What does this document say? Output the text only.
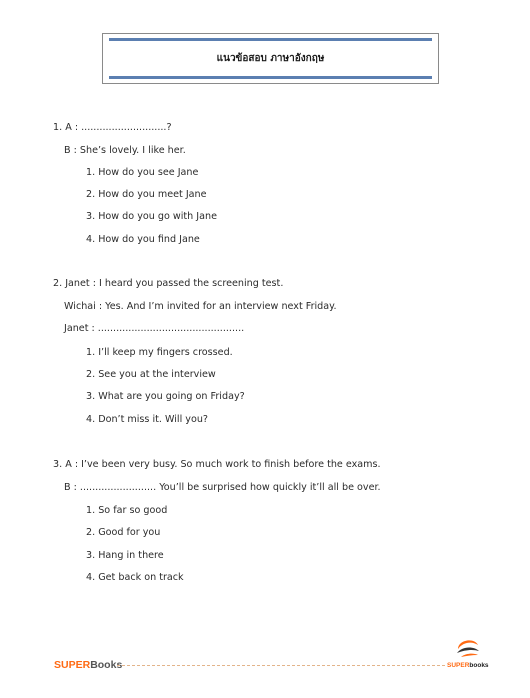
แนวข้อสอบ ภาษาอังกฤษ
1. A : ............................?
B : She’s lovely. I like her.
1. How do you see Jane
2. How do you meet Jane
3. How do you go with Jane
4. How do you find Jane
2. Janet : I heard you passed the screening test.
Wichai : Yes. And I’m invited for an interview next Friday.
Janet : ................................................
1. I’ll keep my fingers crossed.
2. See you at the interview
3. What are you going on Friday?
4. Don’t miss it. Will you?
3. A : I’ve been very busy. So much work to finish before the exams.
B : ......................... You’ll be surprised how quickly it’ll all be over.
1. So far so good
2. Good for you
3. Hang in there
4. Get back on track
SUPERBooks	SUPERbooks
